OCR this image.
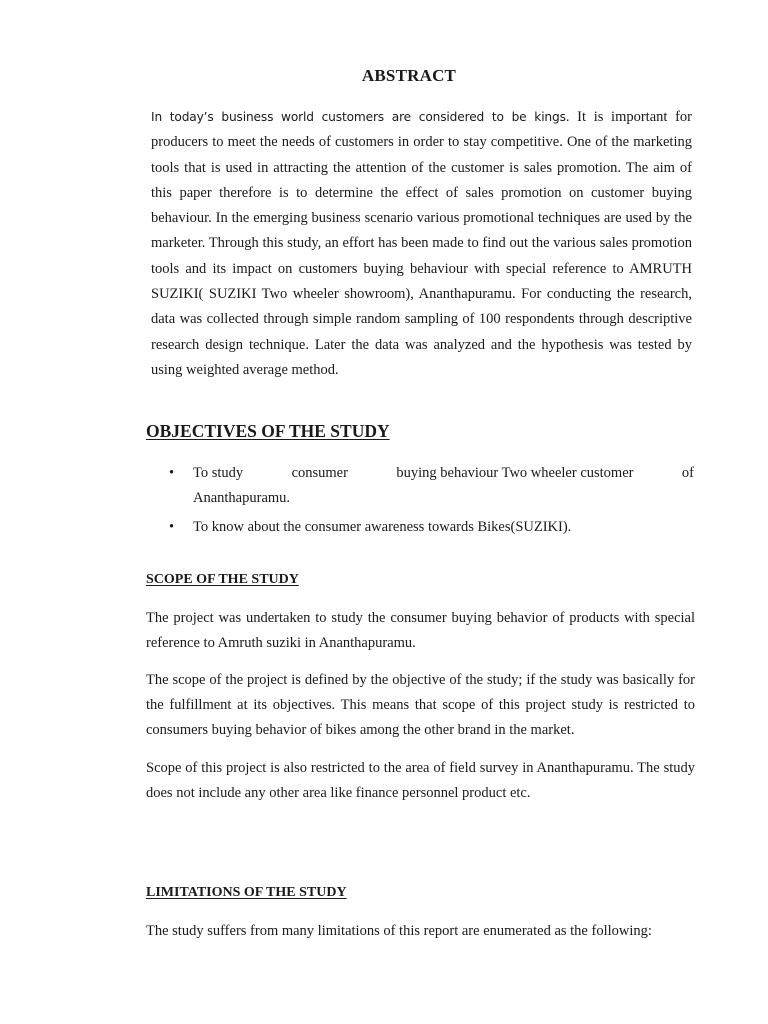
ABSTRACT
In today’s business world customers are considered to be kings. It is important for producers to meet the needs of customers in order to stay competitive. One of the marketing tools that is used in attracting the attention of the customer is sales promotion. The aim of this paper therefore is to determine the effect of sales promotion on customer buying behaviour. In the emerging business scenario various promotional techniques are used by the marketer. Through this study, an effort has been made to find out the various sales promotion tools and its impact on customers buying behaviour with special reference to AMRUTH SUZIKI( SUZIKI Two wheeler showroom), Ananthapuramu. For conducting the research, data was collected through simple random sampling of 100 respondents through descriptive research design technique. Later the data was analyzed and the hypothesis was tested by using weighted average method.
OBJECTIVES OF THE STUDY
• To study	consumer	buying behaviour Two wheeler customer	of
Ananthapuramu.
• To know about the consumer awareness towards Bikes(SUZIKI).
SCOPE OF THE STUDY

The project was undertaken to study the consumer buying behavior of products with special reference to Amruth suziki in Ananthapuramu.

The scope of the project is defined by the objective of the study; if the study was basically for the fulfillment at its objectives. This means that scope of this project study is restricted to consumers buying behavior of bikes among the other brand in the market.

Scope of this project is also restricted to the area of field survey in Ananthapuramu. The study does not include any other area like finance personnel product etc.

LIMITATIONS OF THE STUDY

The study suffers from many limitations of this report are enumerated as the following:
